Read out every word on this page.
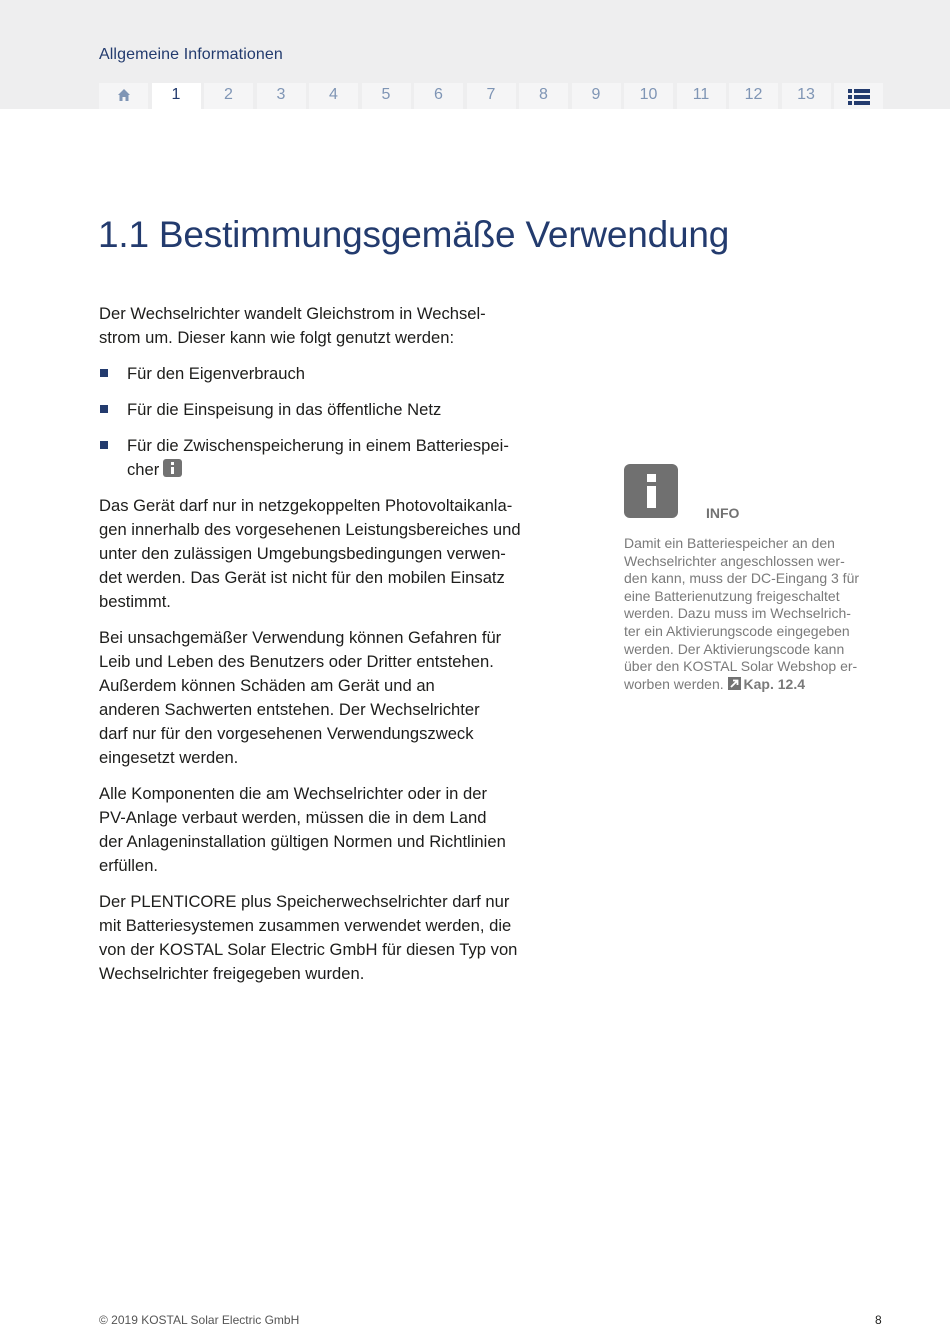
Allgemeine Informationen
1	2	3	4	5	6	7	8	9	10	11	12	13
1.1 Bestimmungsgemäße Verwendung

Der Wechselrichter wandelt Gleichstrom in Wechsel-
strom um. Dieser kann wie folgt genutzt werden:

Für den Eigenverbrauch
Für die Einspeisung in das öffentliche Netz
Für die Zwischenspeicherung in einem Batteriespei-
cher

Das Gerät darf nur in netzgekoppelten Photovoltaikanla-
gen innerhalb des vorgesehenen Leistungsbereiches und
unter den zulässigen Umgebungsbedingungen verwen-
det werden. Das Gerät ist nicht für den mobilen Einsatz
bestimmt.

Bei unsachgemäßer Verwendung können Gefahren für
Leib und Leben des Benutzers oder Dritter entstehen.
Außerdem können Schäden am Gerät und an
anderen Sachwerten entstehen. Der Wechselrichter
darf nur für den vorgesehenen Verwendungszweck
eingesetzt werden.

Alle Komponenten die am Wechselrichter oder in der
PV-Anlage verbaut werden, müssen die in dem Land
der Anlageninstallation gültigen Normen und Richtlinien
erfüllen.

Der PLENTICORE plus Speicherwechselrichter darf nur
mit Batteriesystemen zusammen verwendet werden, die
von der KOSTAL Solar Electric GmbH für diesen Typ von
Wechselrichter freigegeben wurden.

INFO
Damit ein Batteriespeicher an den
Wechselrichter angeschlossen wer-
den kann, muss der DC-Eingang 3 für
eine Batterienutzung freigeschaltet
werden. Dazu muss im Wechselrich-
ter ein Aktivierungscode eingegeben
werden. Der Aktivierungscode kann
über den KOSTAL Solar Webshop er-
worben werden. Kap. 12.4
© 2019 KOSTAL Solar Electric GmbH	8
